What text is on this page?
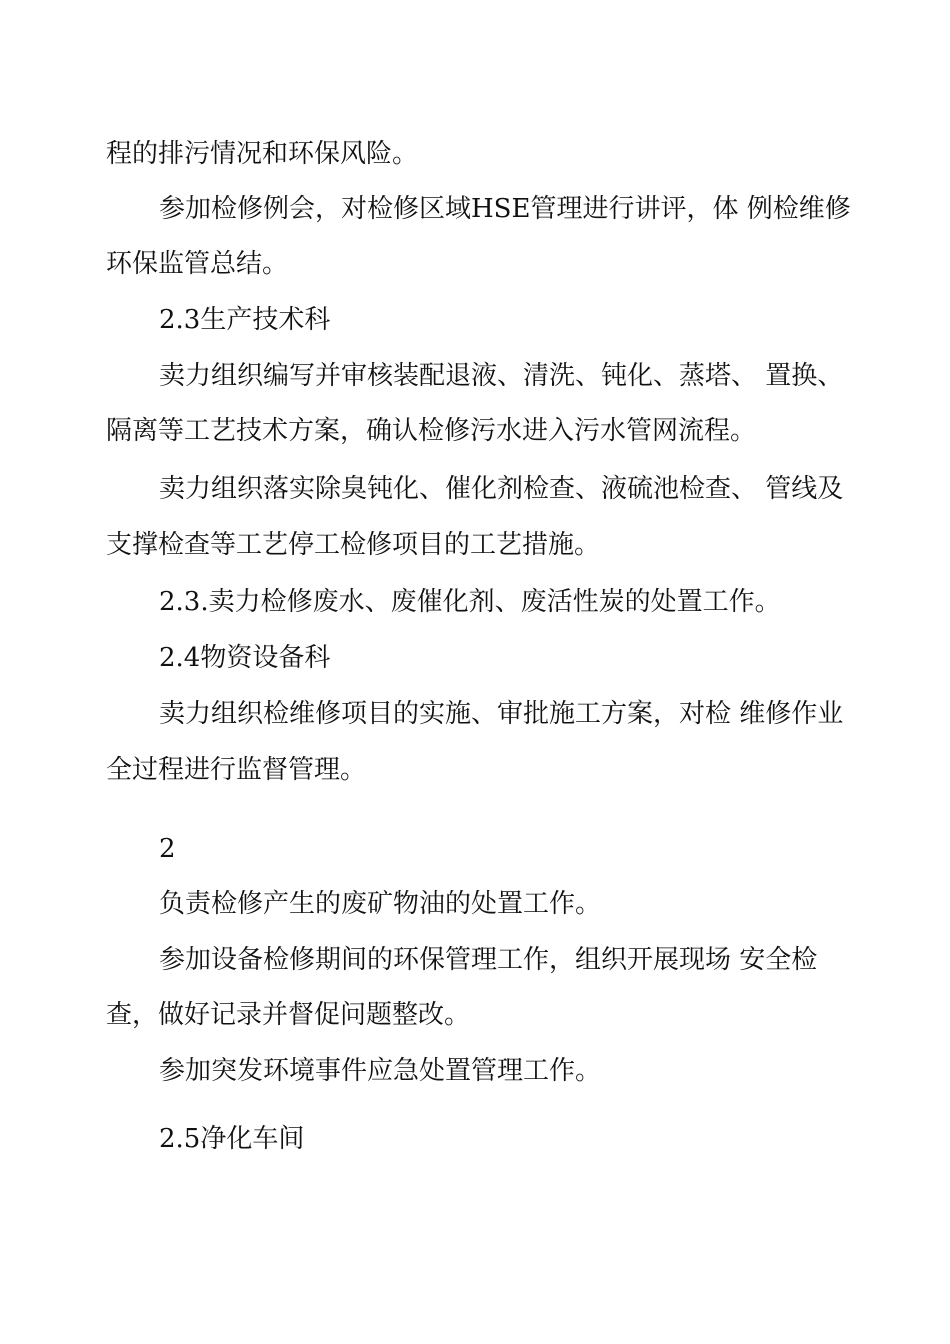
程的排污情况和环保风险。
参加检修例会，对检修区域HSE管理进行讲评，体 例检维修
环保监管总结。
2.3生产技术科
卖力组织编写并审核装配退液、清洗、钝化、蒸塔、 置换、
隔离等工艺技术方案，确认检修污水进入污水管网流程。
卖力组织落实除臭钝化、催化剂检查、液硫池检查、 管线及
支撑检查等工艺停工检修项目的工艺措施。
2.3.卖力检修废水、废催化剂、废活性炭的处置工作。
2.4物资设备科
卖力组织检维修项目的实施、审批施工方案，对检 维修作业
全过程进行监督管理。
2
负责检修产生的废矿物油的处置工作。
参加设备检修期间的环保管理工作，组织开展现场 安全检
查，做好记录并督促问题整改。
参加突发环境事件应急处置管理工作。
2.5净化车间
